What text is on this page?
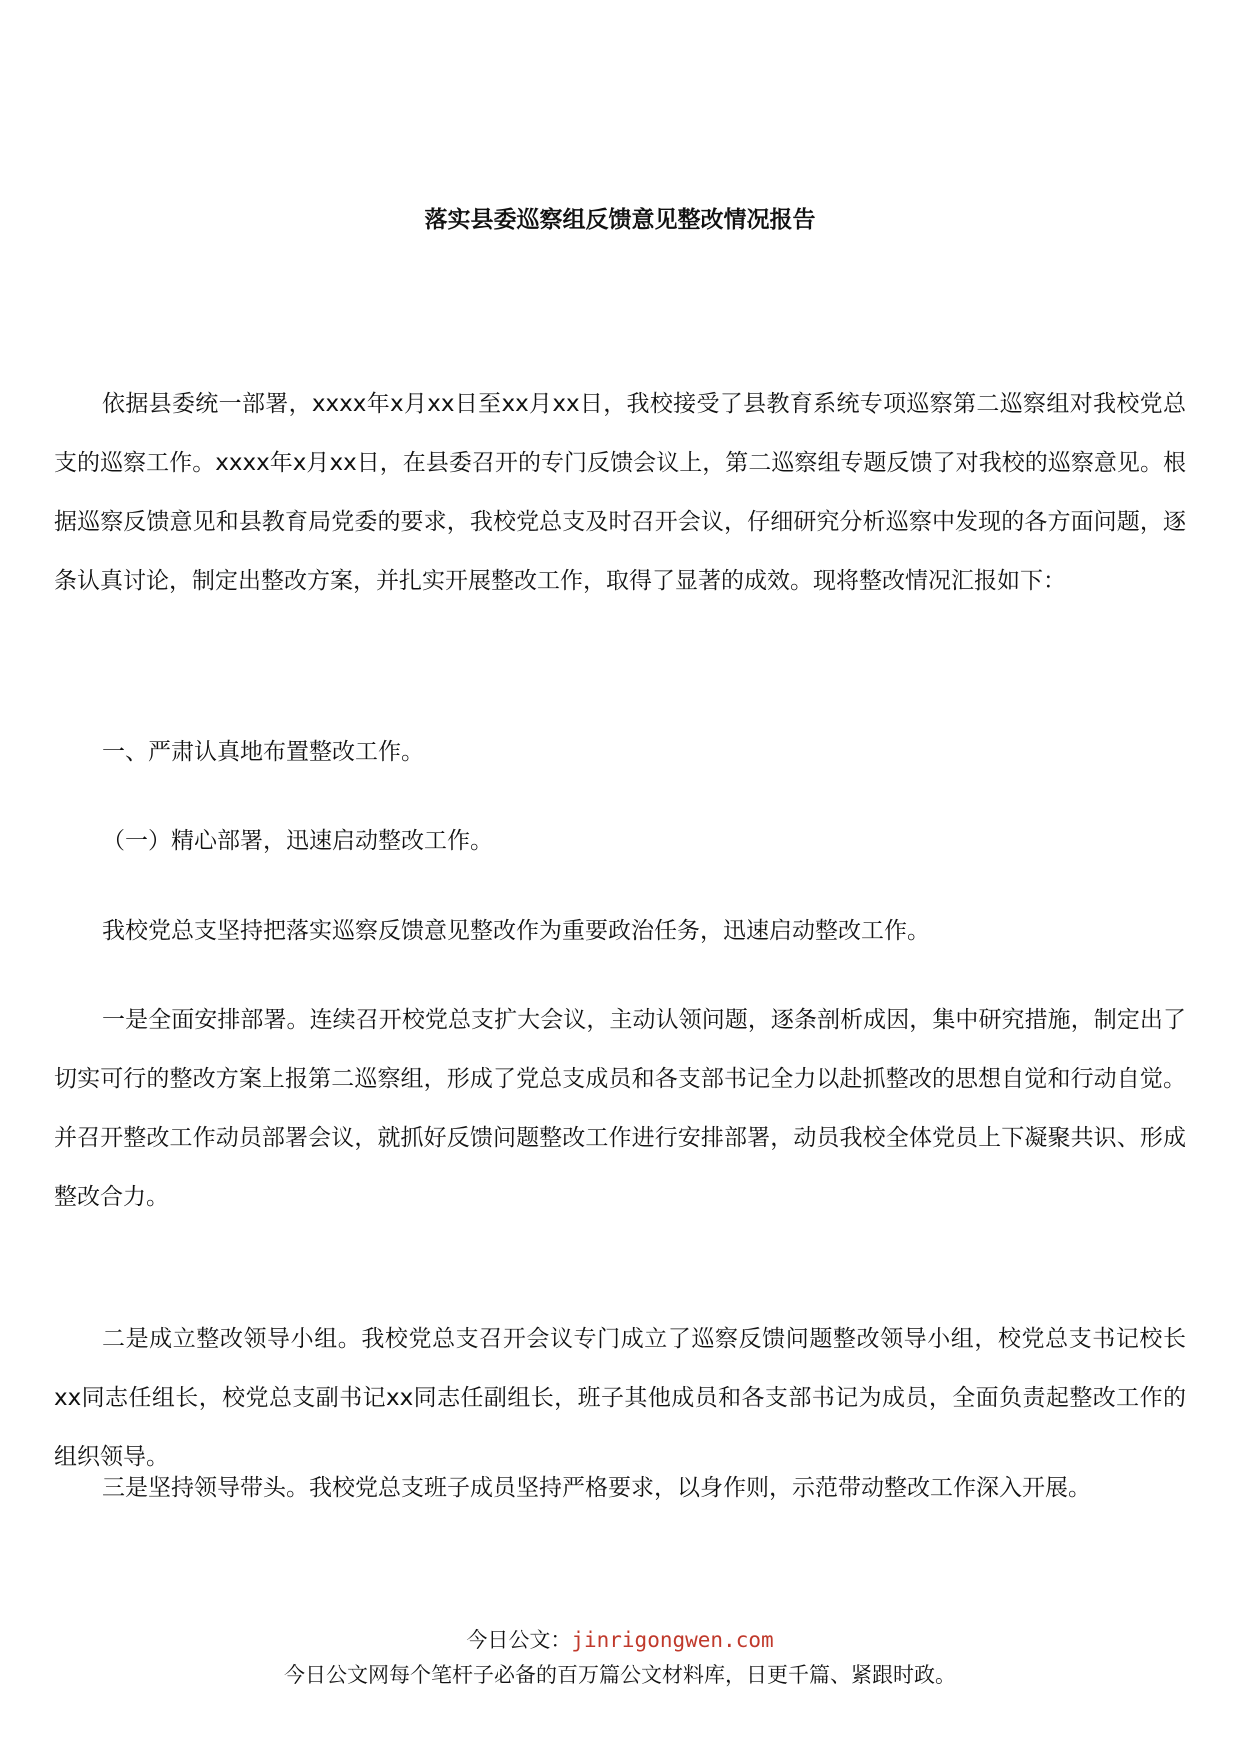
落实县委巡察组反馈意见整改情况报告

依据县委统一部署，xxxx年x月xx日至xx月xx日，我校接受了县教育系统专项巡察第二巡察组对我校党总支的巡察工作。xxxx年x月xx日，在县委召开的专门反馈会议上，第二巡察组专题反馈了对我校的巡察意见。根据巡察反馈意见和县教育局党委的要求，我校党总支及时召开会议，仔细研究分析巡察中发现的各方面问题，逐条认真讨论，制定出整改方案，并扎实开展整改工作，取得了显著的成效。现将整改情况汇报如下：

一、严肃认真地布置整改工作。

（一）精心部署，迅速启动整改工作。

我校党总支坚持把落实巡察反馈意见整改作为重要政治任务，迅速启动整改工作。

一是全面安排部署。连续召开校党总支扩大会议，主动认领问题，逐条剖析成因，集中研究措施，制定出了切实可行的整改方案上报第二巡察组，形成了党总支成员和各支部书记全力以赴抓整改的思想自觉和行动自觉。并召开整改工作动员部署会议，就抓好反馈问题整改工作进行安排部署，动员我校全体党员上下凝聚共识、形成整改合力。

二是成立整改领导小组。我校党总支召开会议专门成立了巡察反馈问题整改领导小组，校党总支书记校长xx同志任组长，校党总支副书记xx同志任副组长，班子其他成员和各支部书记为成员，全面负责起整改工作的组织领导。

三是坚持领导带头。我校党总支班子成员坚持严格要求，以身作则，示范带动整改工作深入开展。

今日公文：jinrigongwen.com
今日公文网每个笔杆子必备的百万篇公文材料库，日更千篇、紧跟时政。
